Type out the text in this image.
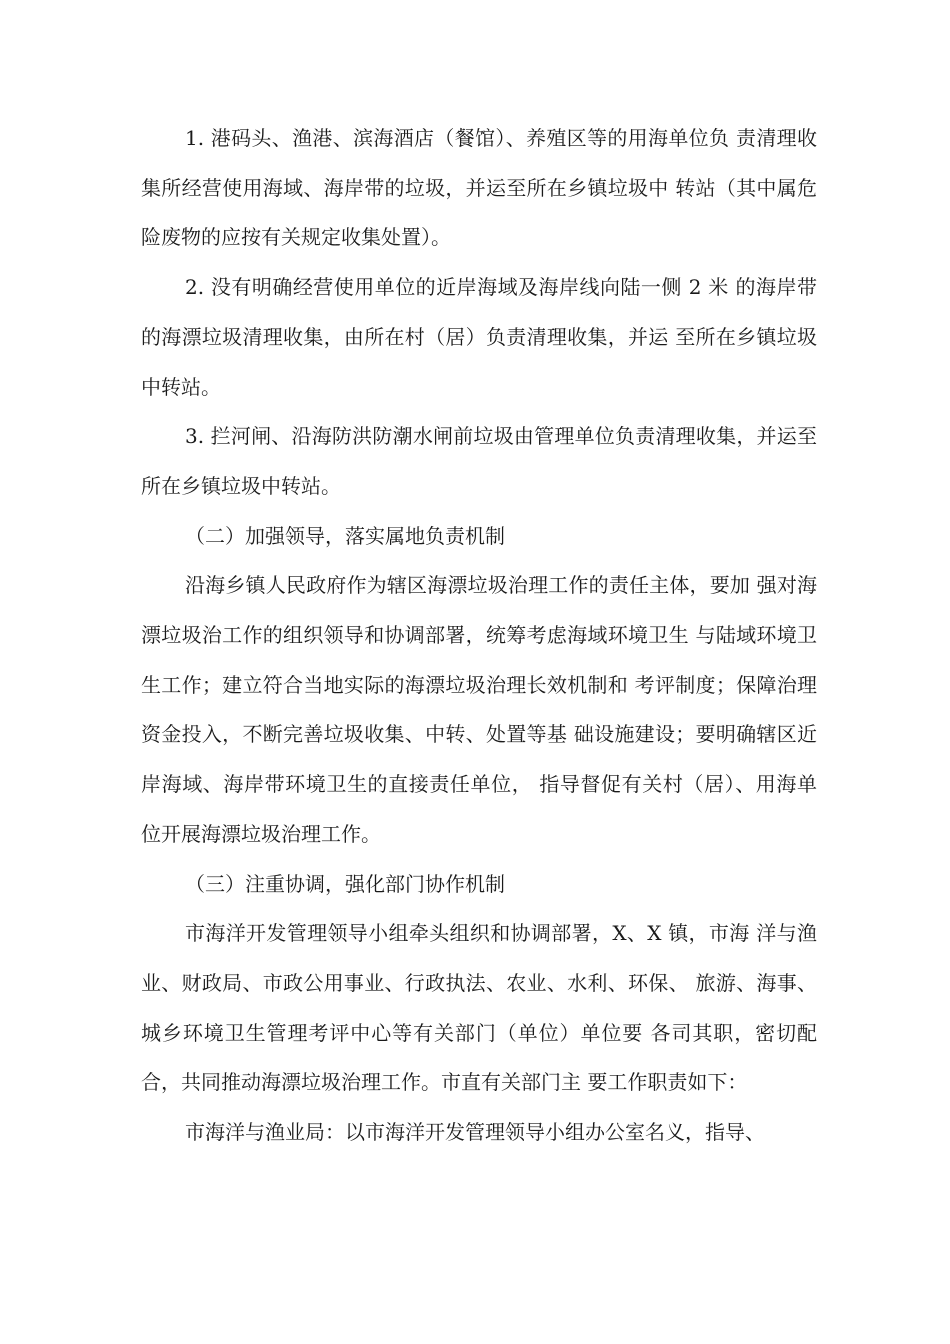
1. 港码头、渔港、滨海酒店（餐馆）、养殖区等的用海单位负 责清理收集所经营使用海域、海岸带的垃圾，并运至所在乡镇垃圾中 转站（其中属危险废物的应按有关规定收集处置）。

2. 没有明确经营使用单位的近岸海域及海岸线向陆一侧 2 米 的海岸带的海漂垃圾清理收集，由所在村（居）负责清理收集，并运 至所在乡镇垃圾中转站。

3. 拦河闸、沿海防洪防潮水闸前垃圾由管理单位负责清理收集，并运至所在乡镇垃圾中转站。

（二）加强领导，落实属地负责机制

沿海乡镇人民政府作为辖区海漂垃圾治理工作的责任主体，要加 强对海漂垃圾治工作的组织领导和协调部署，统筹考虑海域环境卫生 与陆域环境卫生工作；建立符合当地实际的海漂垃圾治理长效机制和 考评制度；保障治理资金投入，不断完善垃圾收集、中转、处置等基 础设施建设；要明确辖区近岸海域、海岸带环境卫生的直接责任单位， 指导督促有关村（居）、用海单位开展海漂垃圾治理工作。

（三）注重协调，强化部门协作机制

市海洋开发管理领导小组牵头组织和协调部署，X、X 镇，市海 洋与渔业、财政局、市政公用事业、行政执法、农业、水利、环保、 旅游、海事、城乡环境卫生管理考评中心等有关部门（单位）单位要 各司其职，密切配合，共同推动海漂垃圾治理工作。市直有关部门主 要工作职责如下：

市海洋与渔业局：以市海洋开发管理领导小组办公室名义，指导、
